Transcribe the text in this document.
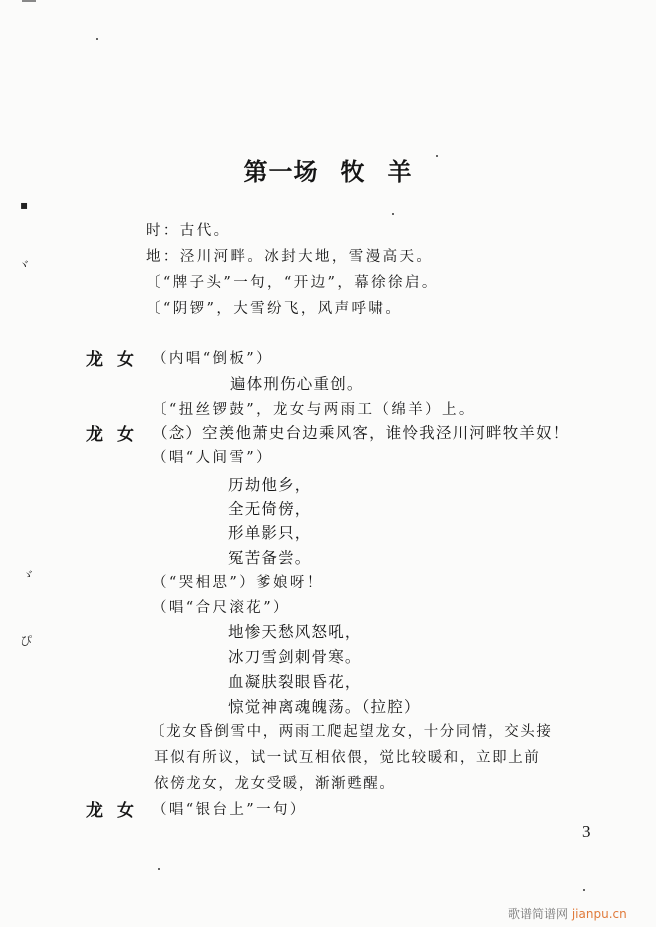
▪
ヾ
ゞ
ぴ
第一场 牧 羊
时：古代。
地：泾川河畔。冰封大地，雪漫高天。
〔“牌子头”一句，“开边”，幕徐徐启。
〔“阴锣”，大雪纷飞，风声呼啸。
龙女 （内唱“倒板”）
遍体刑伤心重创。
〔“扭丝锣鼓”，龙女与两雨工（绵羊）上。
龙女 （念）空羡他萧史台边乘风客，谁怜我泾川河畔牧羊奴！
（唱“人间雪”）
历劫他乡，
全无倚傍，
形单影只，
冤苦备尝。
（“哭相思”）爹娘呀！
（唱“合尺滚花”）
地惨天愁风怒吼，
冰刀雪剑刺骨寒。
血凝肤裂眼昏花，
惊觉神离魂魄荡。（拉腔）
〔龙女昏倒雪中，两雨工爬起望龙女，十分同情，交头接
耳似有所议，试一试互相依偎，觉比较暖和，立即上前
依傍龙女，龙女受暖，渐渐甦醒。
龙女 （唱“银台上”一句）
3
歌谱简谱网 jianpu.cn
